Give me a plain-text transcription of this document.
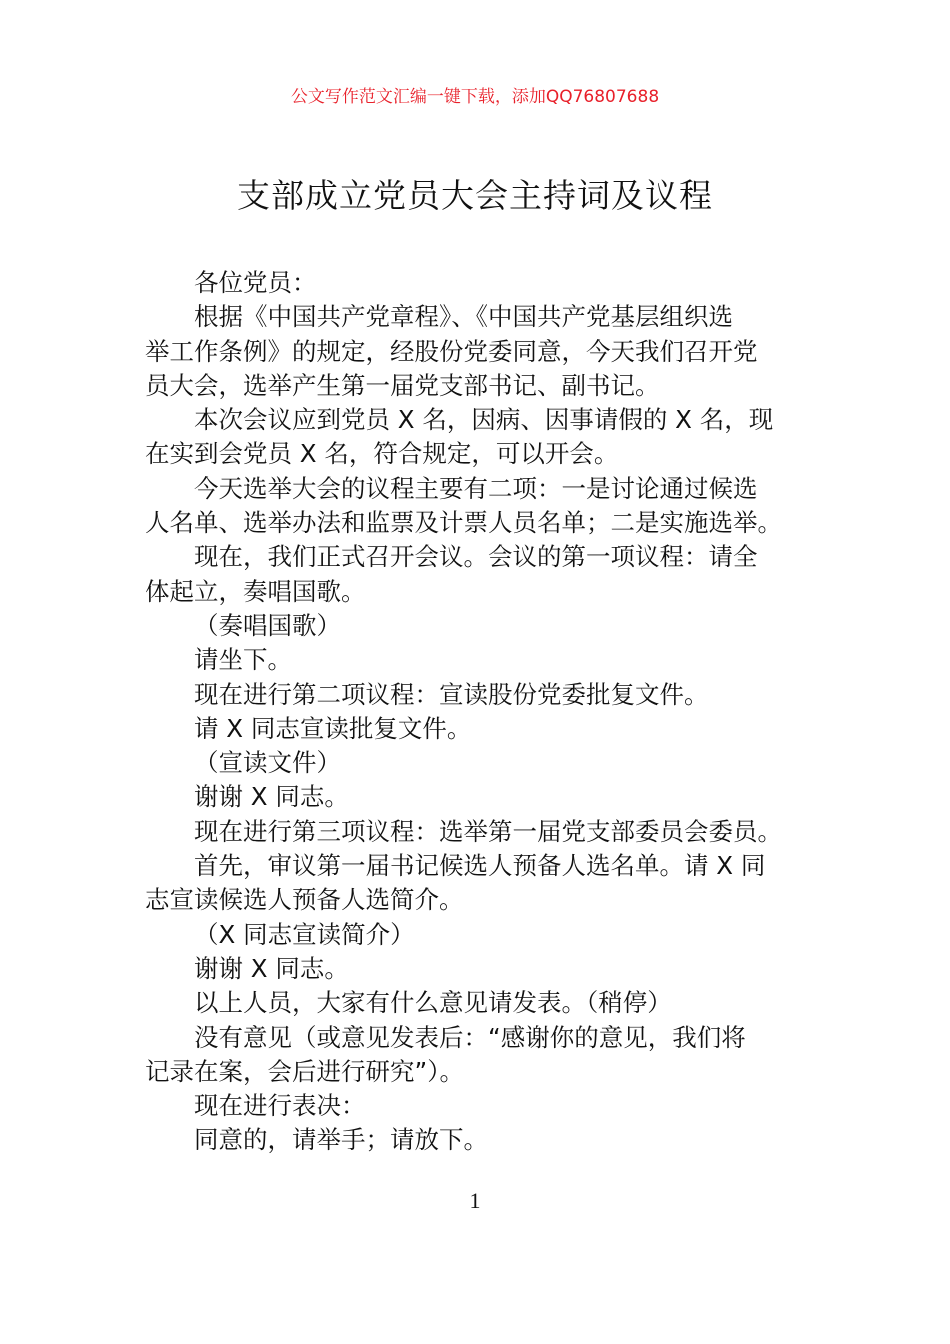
公文写作范文汇编一键下载，添加QQ76807688
支部成立党员大会主持词及议程
各位党员：
根据《中国共产党章程》、《中国共产党基层组织选
举工作条例》的规定，经股份党委同意，今天我们召开党
员大会，选举产生第一届党支部书记、副书记。
本次会议应到党员 X 名，因病、因事请假的 X 名，现
在实到会党员 X 名，符合规定，可以开会。
今天选举大会的议程主要有二项：一是讨论通过候选
人名单、选举办法和监票及计票人员名单；二是实施选举。
现在，我们正式召开会议。会议的第一项议程：请全
体起立，奏唱国歌。
（奏唱国歌）
请坐下。
现在进行第二项议程：宣读股份党委批复文件。
请 X 同志宣读批复文件。
（宣读文件）
谢谢 X 同志。
现在进行第三项议程：选举第一届党支部委员会委员。
首先，审议第一届书记候选人预备人选名单。请 X 同
志宣读候选人预备人选简介。
（X 同志宣读简介）
谢谢 X 同志。
以上人员，大家有什么意见请发表。（稍停）
没有意见（或意见发表后：“感谢你的意见，我们将
记录在案，会后进行研究”）。
现在进行表决：
同意的，请举手；请放下。
1
